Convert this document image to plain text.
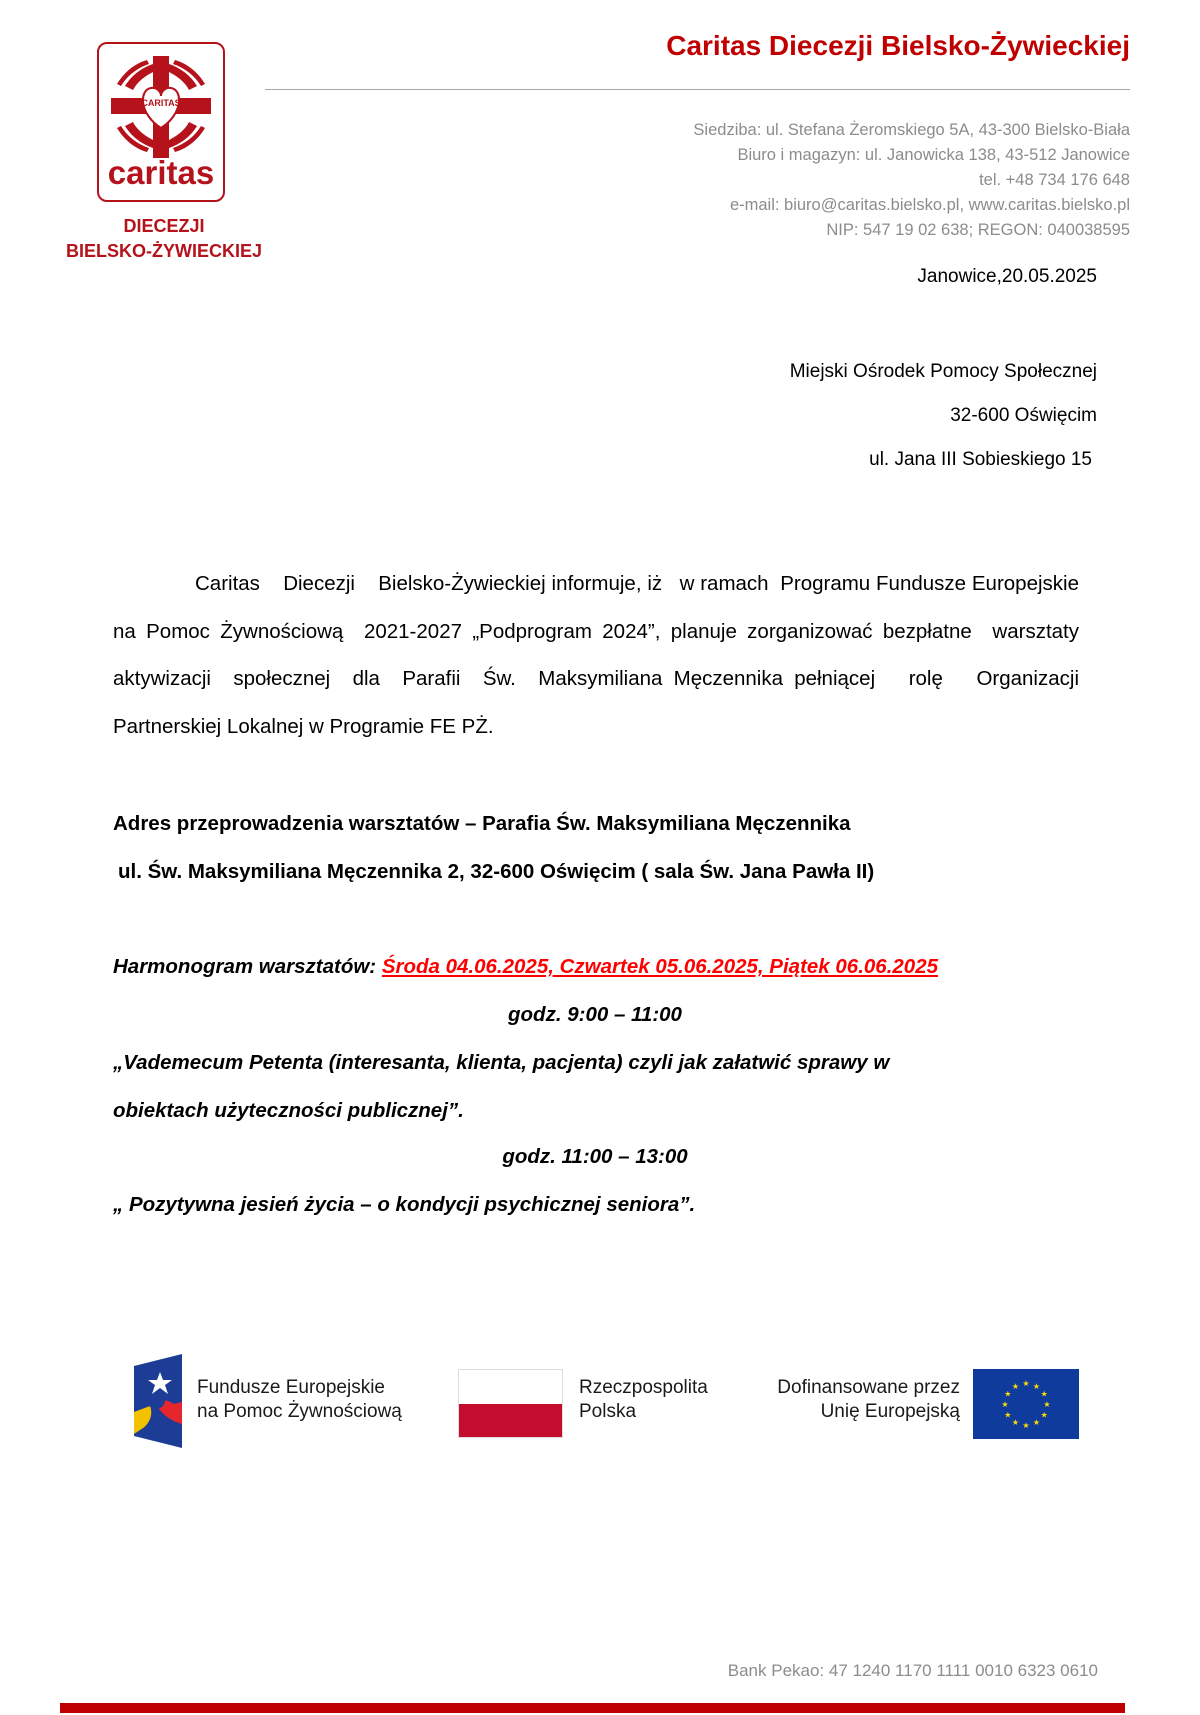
CARITAS
caritas
DIECEZJI
BIELSKO-ŻYWIECKIEJ
Caritas Diecezji Bielsko-Żywieckiej
Siedziba: ul. Stefana Żeromskiego 5A, 43-300 Bielsko-Biała
Biuro i magazyn: ul. Janowicka 138, 43-512 Janowice
tel. +48 734 176 648
e-mail: biuro@caritas.bielsko.pl, www.caritas.bielsko.pl
NIP: 547 19 02 638; REGON: 040038595
Janowice,20.05.2025
Miejski Ośrodek Pomocy Społecznej
32-600 Oświęcim
ul. Jana III Sobieskiego 15
Caritas    Diecezji    Bielsko-Żywieckiej informuje, iż   w ramach  Programu Fundusze Europejskie na Pomoc Żywnościową  2021-2027 „Podprogram 2024”, planuje zorganizować bezpłatne  warsztaty  aktywizacji  społecznej  dla  Parafii  Św.  Maksymiliana Męczennika pełniącej   rolę   Organizacji Partnerskiej Lokalnej w Programie FE PŻ.
Adres przeprowadzenia warsztatów – Parafia Św. Maksymiliana Męczennika
ul. Św. Maksymiliana Męczennika 2, 32-600 Oświęcim ( sala Św. Jana Pawła II)
Harmonogram warsztatów: Środa 04.06.2025, Czwartek 05.06.2025, Piątek 06.06.2025
godz. 9:00 – 11:00
„Vademecum Petenta (interesanta, klienta, pacjenta) czyli jak załatwić sprawy w
obiektach użyteczności publicznej”.
godz. 11:00 – 13:00
„ Pozytywna jesień życia – o kondycji psychicznej seniora”.
Fundusze Europejskie
na Pomoc Żywnościową
Rzeczpospolita
Polska
Dofinansowane przez
Unię Europejską
★ ★
★
★
★
★
★
★
★
★
★
★
Bank Pekao: 47 1240 1170 1111 0010 6323 0610
